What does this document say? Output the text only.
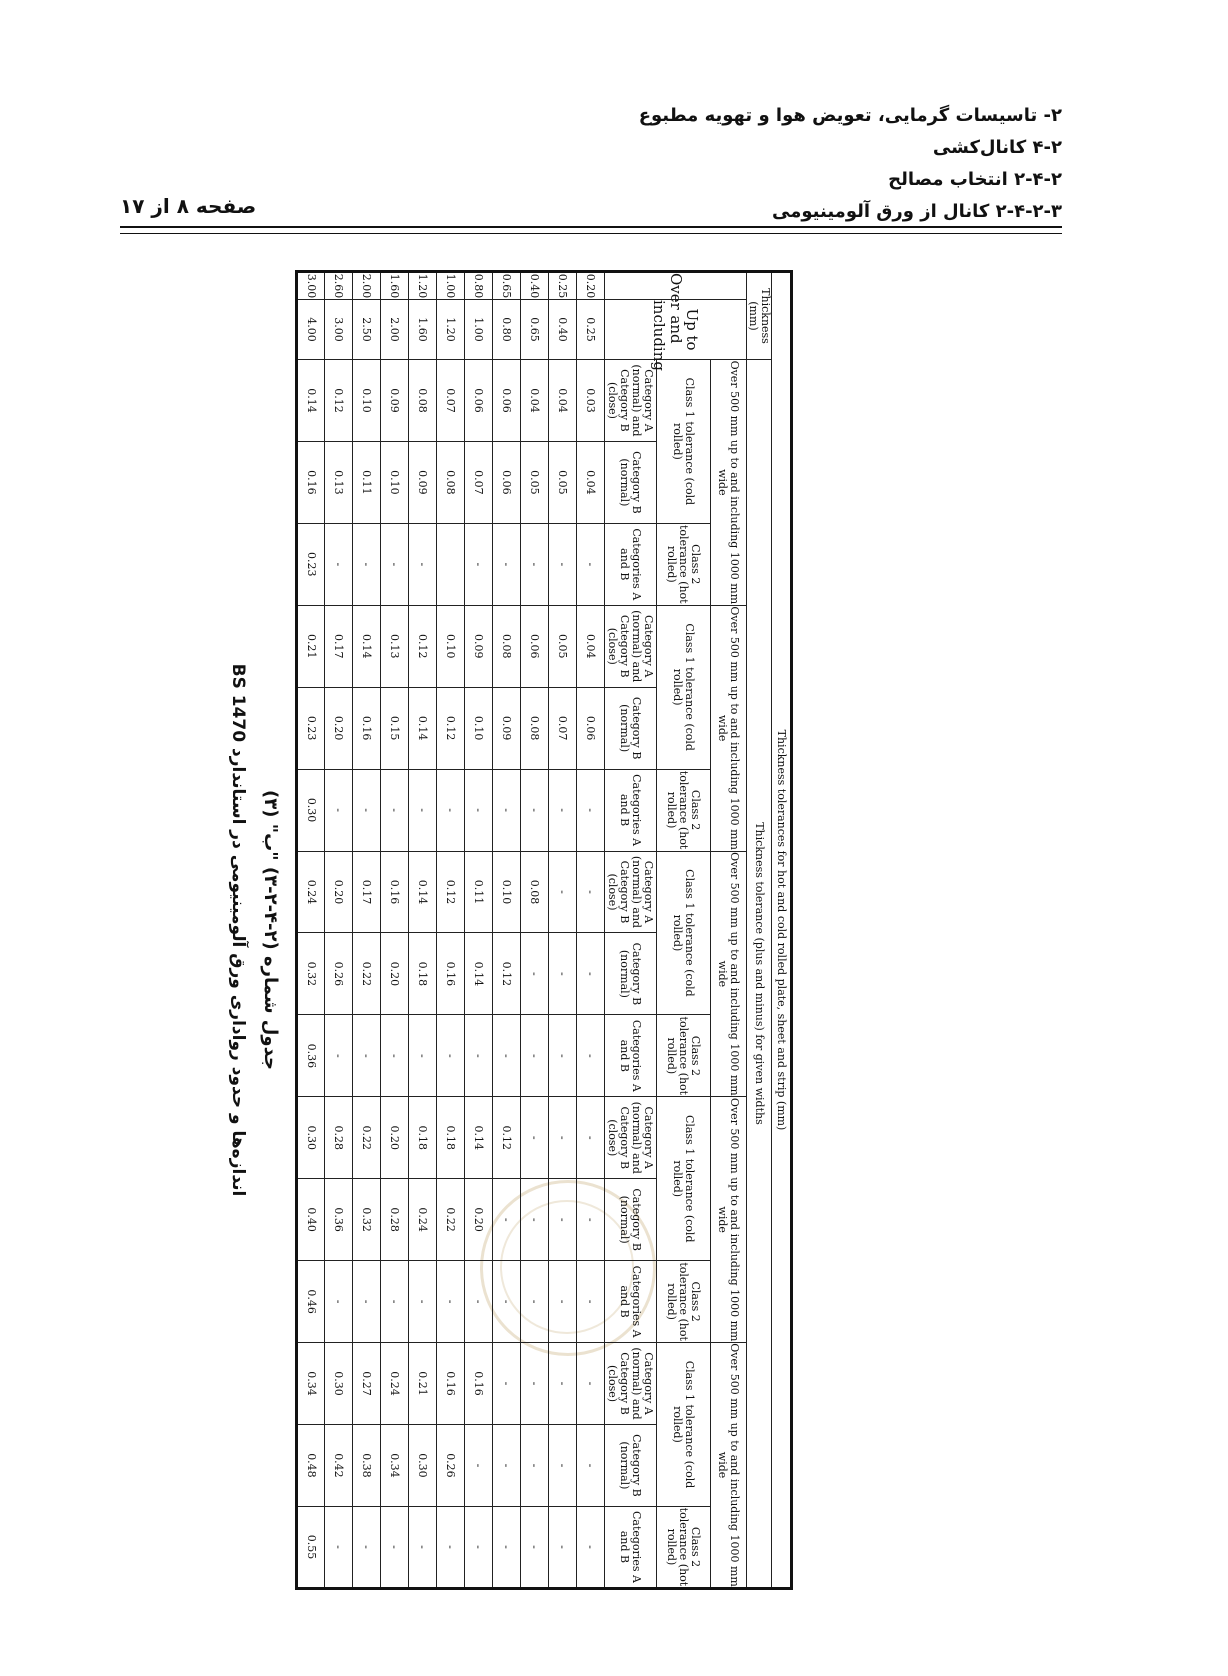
۲- تاسیسات گرمایی، تعویض هوا و تهویه مطبوع
۴-۲ کانال‌کشی
۲-۴-۲ انتخاب مصالح
۲-۴-۲-۳ کانال از ورق آلومینیومی
صفحه ۸ از ۱۷
Thickness tolerances for hot and cold rolled plate, sheet and strip (mm)																
Thickness (mm)		Thickness tolerance (plus and minus) for given widths														
Over	Up to and including	Over 500 mm up to and including 1000 mm wide			Over 500 mm up to and including 1000 mm wide			Over 500 mm up to and including 1000 mm wide			Over 500 mm up to and including 1000 mm wide			Over 500 mm up to and including 1000 mm wide		
		Class 1 tolerance (cold rolled)		Class 2 tolerance (hot rolled)	Class 1 tolerance (cold rolled)		Class 2 tolerance (hot rolled)	Class 1 tolerance (cold rolled)		Class 2 tolerance (hot rolled)	Class 1 tolerance (cold rolled)		Class 2 tolerance (hot rolled)	Class 1 tolerance (cold rolled)		Class 2 tolerance (hot rolled)
		Category A (normal) and Category B (close)	Category B (normal)	Categories A and B	Category A (normal) and Category B (close)	Category B (normal)	Categories A and B	Category A (normal) and Category B (close)	Category B (normal)	Categories A and B	Category A (normal) and Category B (close)	Category B (normal)	Categories A and B	Category A (normal) and Category B (close)	Category B (normal)	Categories A and B
0.20	0.25	0.03	0.04	-	0.04	0.06	-	-	-	-	-	-	-	-	-	-
0.25	0.40	0.04	0.05	-	0.05	0.07	-	-	-	-	-	-	-	-	-	-
0.40	0.65	0.04	0.05	-	0.06	0.08	-	0.08	-	-	-	-	-	-	-	-
0.65	0.80	0.06	0.06	-	0.08	0.09	-	0.10	0.12	-	0.12	-	-	-	-	-
0.80	1.00	0.06	0.07	-	0.09	0.10	-	0.11	0.14	-	0.14	0.20	-	0.16	-	-
1.00	1.20	0.07	0.08		0.10	0.12	-	0.12	0.16	-	0.18	0.22	-	0.16	0.26	-
1.20	1.60	0.08	0.09	-	0.12	0.14	-	0.14	0.18	-	0.18	0.24	-	0.21	0.30	-
1.60	2.00	0.09	0.10	-	0.13	0.15	-	0.16	0.20	-	0.20	0.28	-	0.24	0.34	-
2.00	2.50	0.10	0.11	-	0.14	0.16	-	0.17	0.22	-	0.22	0.32	-	0.27	0.38	-
2.60	3.00	0.12	0.13	-	0.17	0.20	-	0.20	0.26	-	0.28	0.36	-	0.30	0.42	-
3.00	4.00	0.14	0.16	0.23	0.21	0.23	0.30	0.24	0.32	0.36	0.30	0.40	0.46	0.34	0.48	0.55
جدول شماره (۲-۴-۲-۳) "ب" (۳)
اندازه‌ها و حدود رواداری ورق آلومینیومی در استاندارد BS 1470
